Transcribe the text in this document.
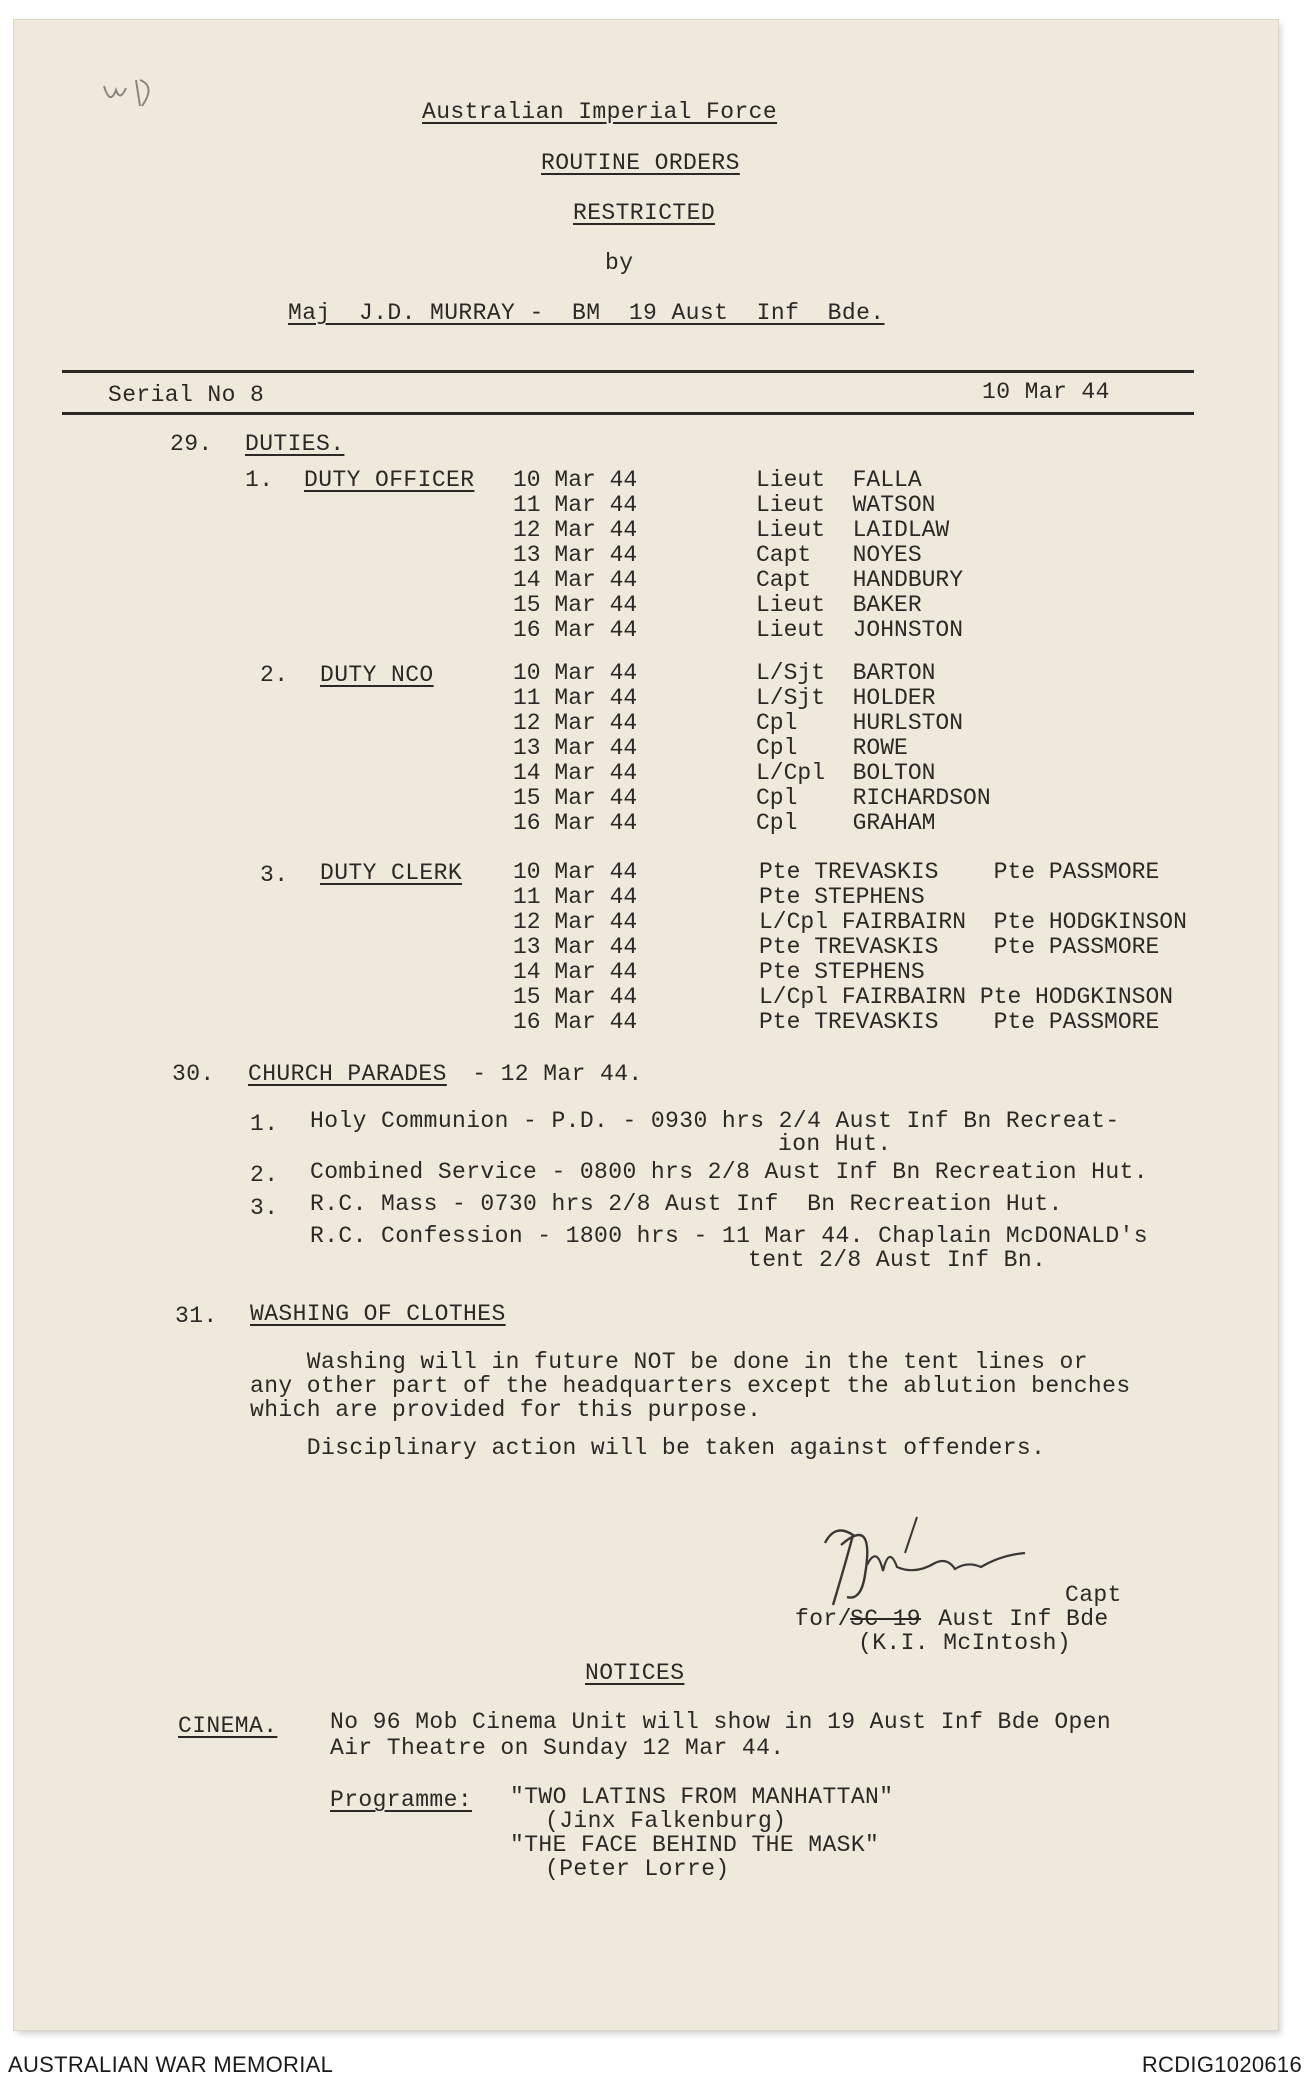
Australian Imperial Force
ROUTINE ORDERS
RESTRICTED
by
Maj  J.D. MURRAY -  BM  19 Aust  Inf  Bde.
Serial No 8	10 Mar 44
29. DUTIES.
1. DUTY OFFICER 10 Mar 44	Lieut  FALLA
11 Mar 44	Lieut  WATSON
12 Mar 44	Lieut  LAIDLAW
13 Mar 44	Capt   NOYES
14 Mar 44	Capt   HANDBURY
15 Mar 44	Lieut  BAKER
16 Mar 44	Lieut  JOHNSTON
2. DUTY NCO	10 Mar 44	L/Sjt  BARTON
11 Mar 44	L/Sjt  HOLDER
12 Mar 44	Cpl    HURLSTON
13 Mar 44	Cpl    ROWE
14 Mar 44	L/Cpl  BOLTON
15 Mar 44	Cpl    RICHARDSON
16 Mar 44	Cpl    GRAHAM
3. DUTY CLERK 10 Mar 44	Pte TREVASKIS    Pte PASSMORE
11 Mar 44	Pte STEPHENS
12 Mar 44	L/Cpl FAIRBAIRN  Pte HODGKINSON
13 Mar 44	Pte TREVASKIS    Pte PASSMORE
14 Mar 44	Pte STEPHENS
15 Mar 44	L/Cpl FAIRBAIRN Pte HODGKINSON
16 Mar 44	Pte TREVASKIS    Pte PASSMORE
30. CHURCH PARADES - 12 Mar 44.
1. Holy Communion - P.D. - 0930 hrs 2/4 Aust Inf Bn Recreat-
ion Hut.
2. Combined Service - 0800 hrs 2/8 Aust Inf Bn Recreation Hut.
3. R.C. Mass - 0730 hrs 2/8 Aust Inf  Bn Recreation Hut.
R.C. Confession - 1800 hrs - 11 Mar 44. Chaplain McDONALD's
tent 2/8 Aust Inf Bn.
31. WASHING OF CLOTHES
Washing will in future NOT be done in the tent lines or
any other part of the headquarters except the ablution benches
which are provided for this purpose.
Disciplinary action will be taken against offenders.
Capt
for/
SC 19 Aust Inf Bde
(K.I. McIntosh)
NOTICES
CINEMA. No 96 Mob Cinema Unit will show in 19 Aust Inf Bde Open
Air Theatre on Sunday 12 Mar 44.
Programme: "TWO LATINS FROM MANHATTAN"
(Jinx Falkenburg)
"THE FACE BEHIND THE MASK"
(Peter Lorre)
AUSTRALIAN WAR MEMORIAL	RCDIG1020616
